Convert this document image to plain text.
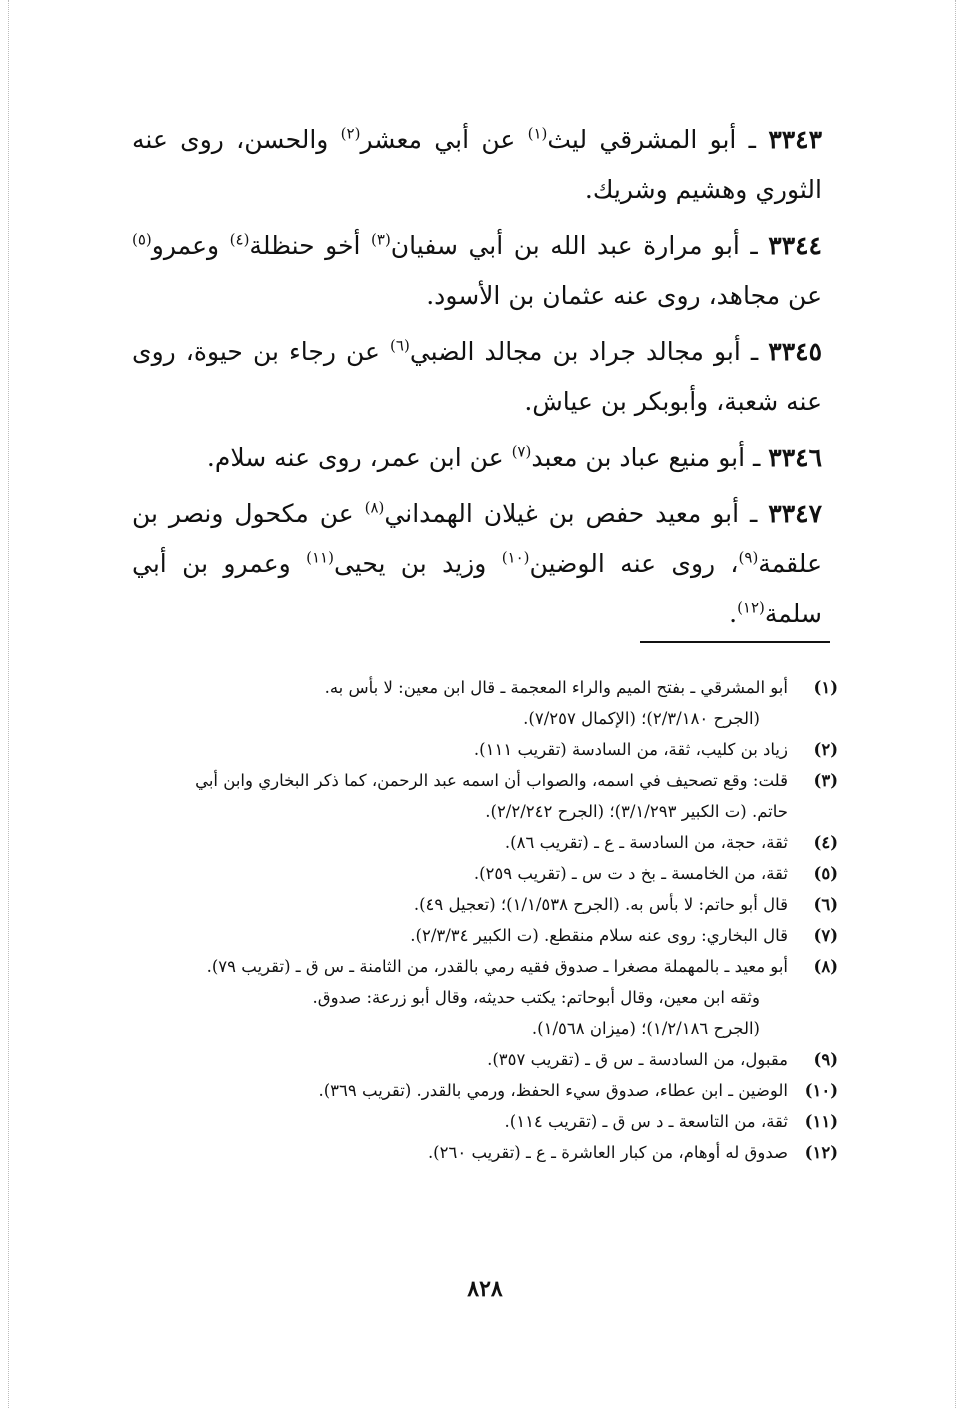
٣٣٤٣ ـ أبو المشرقي ليث$^{(١)}$ عن أبي معشر$^{(٢)}$ والحسن، روى عنه الثوري وهشيم وشريك.
٣٣٤٤ ـ أبو مرارة عبد الله بن أبي سفيان$^{(٣)}$ أخو حنظلة$^{(٤)}$ وعمرو$^{(٥)}$ عن مجاهد، روى عنه عثمان بن الأسود.
٣٣٤٥ ـ أبو مجالد جراد بن مجالد الضبي$^{(٦)}$ عن رجاء بن حيوة، روى عنه شعبة، وأبوبكر بن عياش.
٣٣٤٦ ـ أبو منيع عباد بن معبد$^{(٧)}$ عن ابن عمر، روى عنه سلام.
٣٣٤٧ ـ أبو معيد حفص بن غيلان الهمداني$^{(٨)}$ عن مكحول ونصر بن علقمة$^{(٩)}$، روى عنه الوضين$^{(١٠)}$ وزيد بن يحيى$^{(١١)}$ وعمرو بن أبي سلمة$^{(١٢)}$.
(١)
أبو المشرقي ـ بفتح الميم والراء المعجمة ـ قال ابن معين: لا بأس به.
(الجرح ٢/٣/١٨٠)؛ (الإكمال ٧/٢٥٧).
(٢)
زياد بن كليب، ثقة، من السادسة (تقريب ١١١).
(٣)
قلت: وقع تصحيف في اسمه، والصواب أن اسمه عبد الرحمن، كما ذكر البخاري وابن أبي
حاتم. (ت الكبير ٣/١/٢٩٣)؛ (الجرح ٢/٢/٢٤٢).
(٤)
ثقة، حجة، من السادسة ـ ع ـ (تقريب ٨٦).
(٥)
ثقة، من الخامسة ـ بخ د ت س ـ (تقريب ٢٥٩).
(٦)
قال أبو حاتم: لا بأس به. (الجرح ١/١/٥٣٨)؛ (تعجيل ٤٩).
(٧)
قال البخاري: روى عنه سلام منقطع. (ت الكبير ٢/٣/٣٤).
(٨)
أبو معيد ـ بالمهملة مصغرا ـ صدوق فقيه رمي بالقدر، من الثامنة ـ س ق ـ (تقريب ٧٩).
وثقه ابن معين، وقال أبوحاتم: يكتب حديثه، وقال أبو زرعة: صدوق.
(الجرح ١/٢/١٨٦)؛ (ميزان ١/٥٦٨).
(٩)
مقبول، من السادسة ـ س ق ـ (تقريب ٣٥٧).
(١٠)
الوضين ـ ابن عطاء، صدوق سيء الحفظ، ورمي بالقدر. (تقريب ٣٦٩).
(١١)
ثقة، من التاسعة ـ د س ق ـ (تقريب ١١٤).
(١٢)
صدوق له أوهام، من كبار العاشرة ـ ع ـ (تقريب ٢٦٠).
٨٢٨
